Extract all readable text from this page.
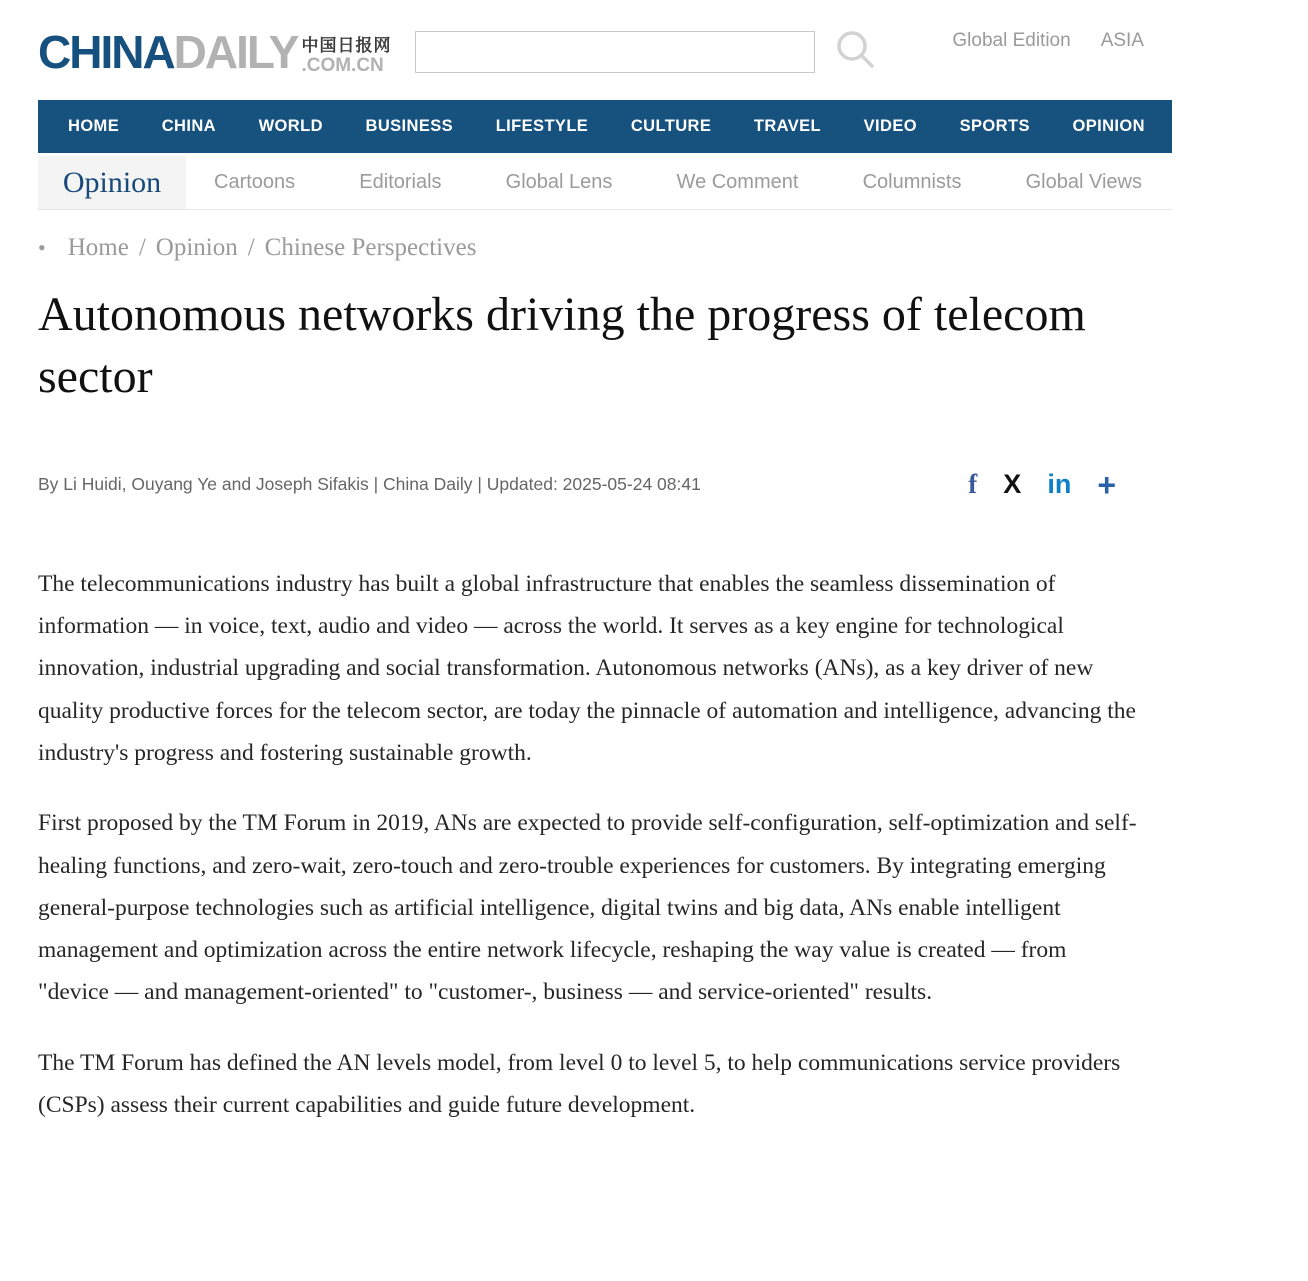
CHINADAILY 中国日报网
.COM.CN
Global Edition ASIA
HOME	CHINA	WORLD	BUSINESS	LIFESTYLE	CULTURE	TRAVEL	VIDEO	SPORTS	OPINION	REGIONAL
Opinion	Cartoons	Editorials	Global Lens	We Comment	Columnists	Global Views
• Home / Opinion / Chinese Perspectives
Autonomous networks driving the progress of telecom sector
By Li Huidi, Ouyang Ye and Joseph Sifakis | China Daily | Updated: 2025-05-24 08:41	f X in +

The telecommunications industry has built a global infrastructure that enables the seamless dissemination of information — in voice, text, audio and video — across the world. It serves as a key engine for technological innovation, industrial upgrading and social transformation. Autonomous networks (ANs), as a key driver of new quality productive forces for the telecom sector, are today the pinnacle of automation and intelligence, advancing the industry's progress and fostering sustainable growth.

First proposed by the TM Forum in 2019, ANs are expected to provide self-configuration, self-optimization and self-healing functions, and zero-wait, zero-touch and zero-trouble experiences for customers. By integrating emerging general-purpose technologies such as artificial intelligence, digital twins and big data, ANs enable intelligent management and optimization across the entire network lifecycle, reshaping the way value is created — from "device — and management-oriented" to "customer-, business — and service-oriented" results.

The TM Forum has defined the AN levels model, from level 0 to level 5, to help communications service providers (CSPs) assess their current capabilities and guide future development.
